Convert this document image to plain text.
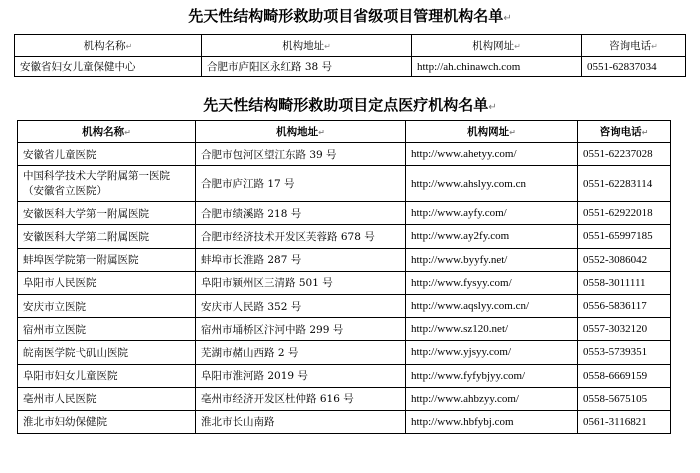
先天性结构畸形救助项目省级项目管理机构名单↵
机构名称↵	机构地址↵	机构网址↵	咨询电话↵
安徽省妇女儿童保健中心	合肥市庐阳区永红路 38 号	http://ah.chinawch.com	0551-62837034
先天性结构畸形救助项目定点医疗机构名单↵
机构名称↵	机构地址↵	机构网址↵	咨询电话↵
安徽省儿童医院	合肥市包河区望江东路 39 号	http://www.ahetyy.com/	0551-62237028
中国科学技术大学附属第一医院（安徽省立医院）	合肥市庐江路 17 号	http://www.ahslyy.com.cn	0551-62283114
安徽医科大学第一附属医院	合肥市绩溪路 218 号	http://www.ayfy.com/	0551-62922018
安徽医科大学第二附属医院	合肥市经济技术开发区芙蓉路 678 号	http://www.ay2fy.com	0551-65997185
蚌埠医学院第一附属医院	蚌埠市长淮路 287 号	http://www.byyfy.net/	0552-3086042
阜阳市人民医院	阜阳市颍州区三清路 501 号	http://www.fysyy.com/	0558-3011111
安庆市立医院	安庆市人民路 352 号	http://www.aqslyy.com.cn/	0556-5836117
宿州市立医院	宿州市埇桥区汴河中路 299 号	http://www.sz120.net/	0557-3032120
皖南医学院弋矶山医院	芜湖市赭山西路 2 号	http://www.yjsyy.com/	0553-5739351
阜阳市妇女儿童医院	阜阳市淮河路 2019 号	http://www.fyfybjyy.com/	0558-6669159
亳州市人民医院	亳州市经济开发区杜仲路 616 号	http://www.ahbzyy.com/	0558-5675105
淮北市妇幼保健院	淮北市长山南路	http://www.hbfybj.com	0561-3116821
